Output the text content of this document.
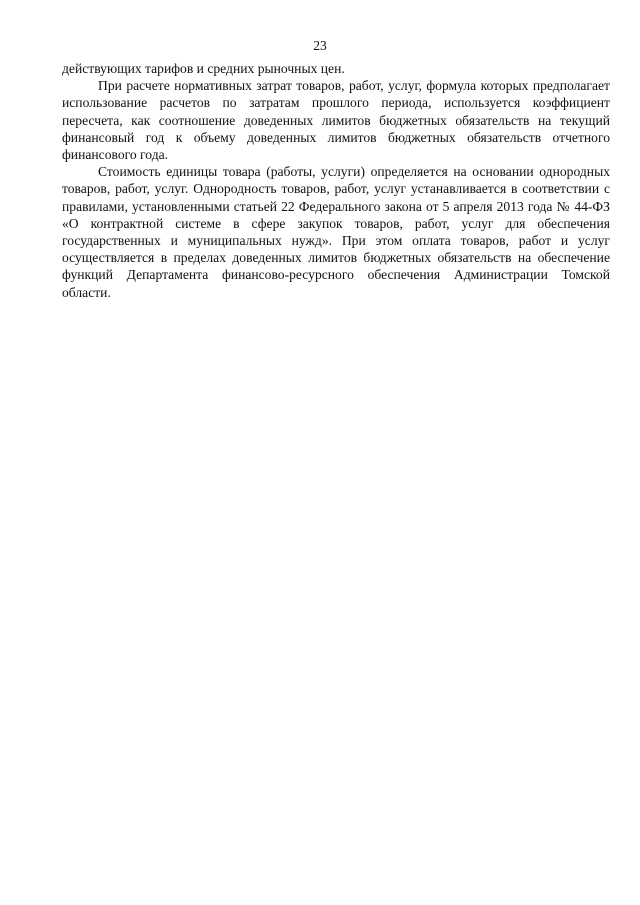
23

действующих тарифов и средних рыночных цен.

При расчете нормативных затрат товаров, работ, услуг, формула которых предполагает использование расчетов по затратам прошлого периода, используется коэффициент пересчета, как соотношение доведенных лимитов бюджетных обязательств на текущий финансовый год к объему доведенных лимитов бюджетных обязательств отчетного финансового года.

Стоимость единицы товара (работы, услуги) определяется на основании однородных товаров, работ, услуг. Однородность товаров, работ, услуг устанавливается в соответствии с правилами, установленными статьей 22 Федерального закона от 5 апреля 2013 года № 44-ФЗ «О контрактной системе в сфере закупок товаров, работ, услуг для обеспечения государственных и муниципальных нужд». При этом оплата товаров, работ и услуг осуществляется в пределах доведенных лимитов бюджетных обязательств на обеспечение функций Департамента финансово-ресурсного обеспечения Администрации Томской области.
